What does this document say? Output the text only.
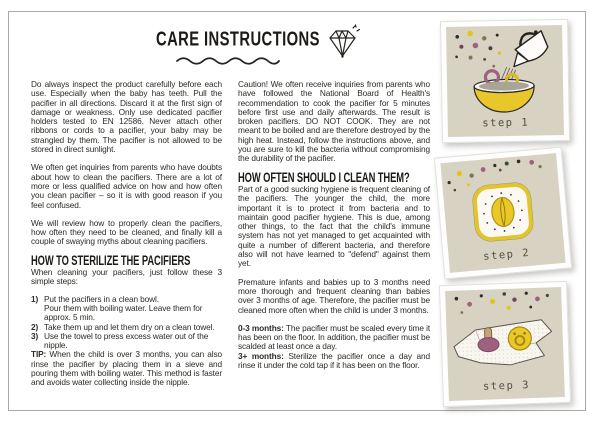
CARE INSTRUCTIONS

Do always inspect the product carefully before each use. Especially when the baby has teeth. Pull the pacifier in all directions. Discard it at the first sign of damage or weakness. Only use dedicated pacifier holders tested to EN 12586. Never attach other ribbons or cords to a pacifier, your baby may be strangled by them. The pacifier is not allowed to be stored in direct sunlight.

We often get inquiries from parents who have doubts about how to clean the pacifiers. There are a lot of more or less qualified advice on how and how often you clean pacifier – so it is with good reason if you feel confused.

We will review how to properly clean the pacifiers, how often they need to be cleaned, and finally kill a couple of swaying myths about cleaning pacifiers.

HOW TO STERILIZE THE PACIFIERS
When cleaning your pacifiers, just follow these 3 simple steps:
1) Put the pacifiers in a clean bowl.
Pour them with boiling water. Leave them for approx. 5 min.
2) Take them up and let them dry on a clean towel.
3) Use the towel to press excess water out of the nipple.

TIP: When the child is over 3 months, you can also rinse the pacifier by placing them in a sieve and pouring them with boiling water. This method is faster and avoids water collecting inside the nipple.

Caution! We often receive inquiries from parents who have followed the National Board of Health's recommendation to cook the pacifier for 5 minutes before first use and daily afterwards. The result is broken pacifiers. DO NOT COOK. They are not meant to be boiled and are therefore destroyed by the high heat. Instead, follow the instructions above, and you are sure to kill the bacteria without compromising the durability of the pacifier.

HOW OFTEN SHOULD I CLEAN THEM?

Part of a good sucking hygiene is frequent cleaning of the pacifiers. The younger the child, the more important it is to protect it from bacteria and to maintain good pacifier hygiene. This is due, among other things, to the fact that the child's immune system has not yet managed to get acquainted with quite a number of different bacteria, and therefore also will not have learned to "defend" against them yet.

Premature infants and babies up to 3 months need more thorough and frequent cleaning than babies over 3 months of age. Therefore, the pacifier must be cleaned more often when the child is under 3 months.

0-3 months: The pacifier must be scaled every time it has been on the floor. In addition, the pacifier must be scalded at least once a day.
3+ months: Sterilize the pacifier once a day and rinse it under the cold tap if it has been on the floor.
step 1
step 2
step 3
